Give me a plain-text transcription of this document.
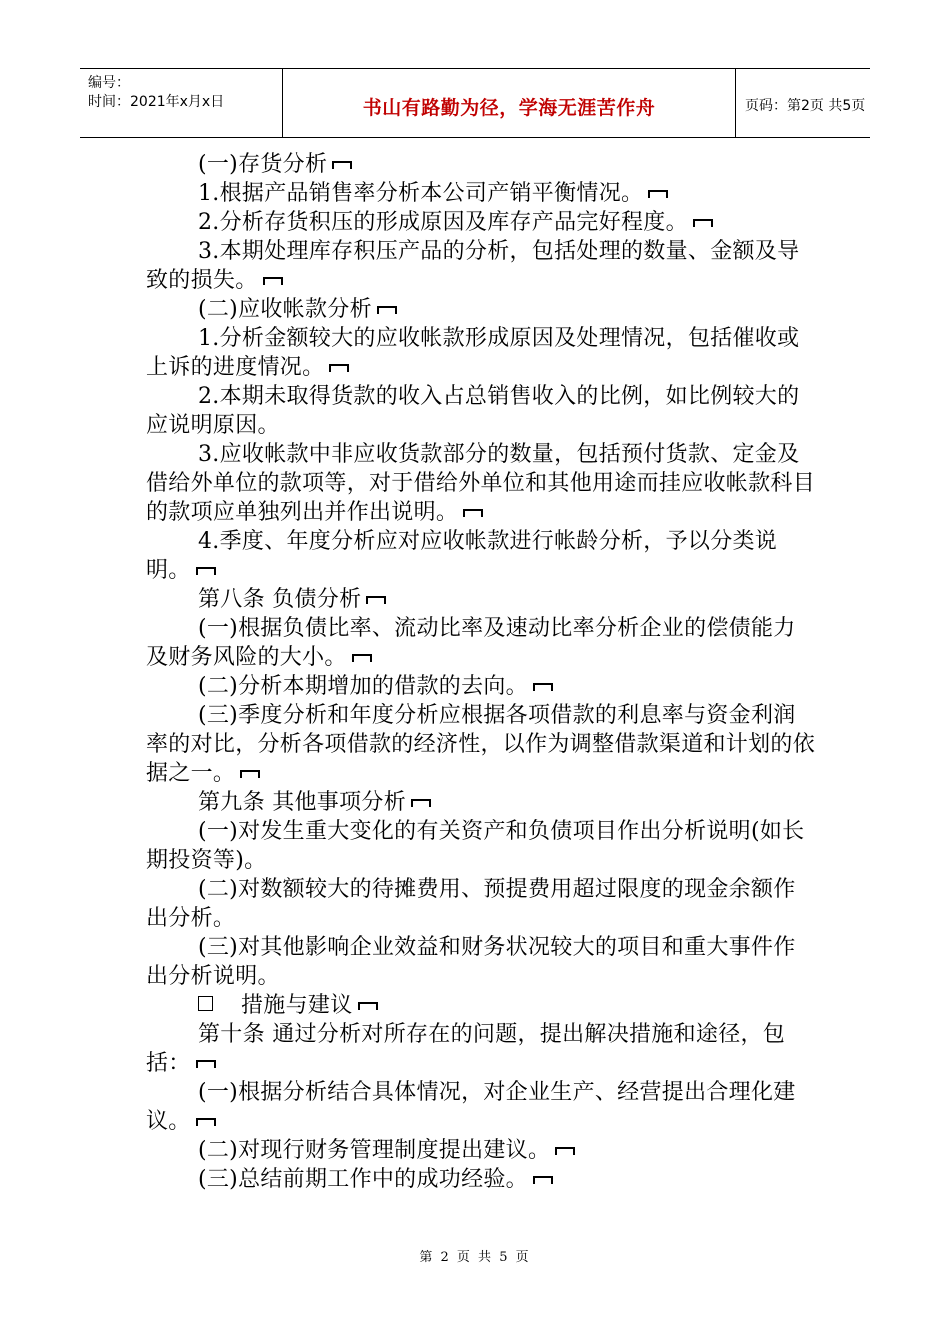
编号：
时间：2021年x月x日	书山有路勤为径，学海无涯苦作舟	页码：第2页 共5页

(一)存货分析

1.根据产品销售率分析本公司产销平衡情况。

2.分析存货积压的形成原因及库存产品完好程度。

3.本期处理库存积压产品的分析，包括处理的数量、金额及导致的损失。

(二)应收帐款分析

1.分析金额较大的应收帐款形成原因及处理情况，包括催收或上诉的进度情况。

2.本期未取得货款的收入占总销售收入的比例，如比例较大的应说明原因。

3.应收帐款中非应收货款部分的数量，包括预付货款、定金及借给外单位的款项等，对于借给外单位和其他用途而挂应收帐款科目的款项应单独列出并作出说明。

4.季度、年度分析应对应收帐款进行帐龄分析，予以分类说明。

第八条 负债分析

(一)根据负债比率、流动比率及速动比率分析企业的偿债能力及财务风险的大小。

(二)分析本期增加的借款的去向。

(三)季度分析和年度分析应根据各项借款的利息率与资金利润率的对比，分析各项借款的经济性，以作为调整借款渠道和计划的依据之一。

第九条 其他事项分析

(一)对发生重大变化的有关资产和负债项目作出分析说明(如长期投资等)。

(二)对数额较大的待摊费用、预提费用超过限度的现金余额作出分析。

(三)对其他影响企业效益和财务状况较大的项目和重大事件作出分析说明。

措施与建议

第十条 通过分析对所存在的问题，提出解决措施和途径，包括：

(一)根据分析结合具体情况，对企业生产、经营提出合理化建议。

(二)对现行财务管理制度提出建议。

(三)总结前期工作中的成功经验。

第 2 页 共 5 页
